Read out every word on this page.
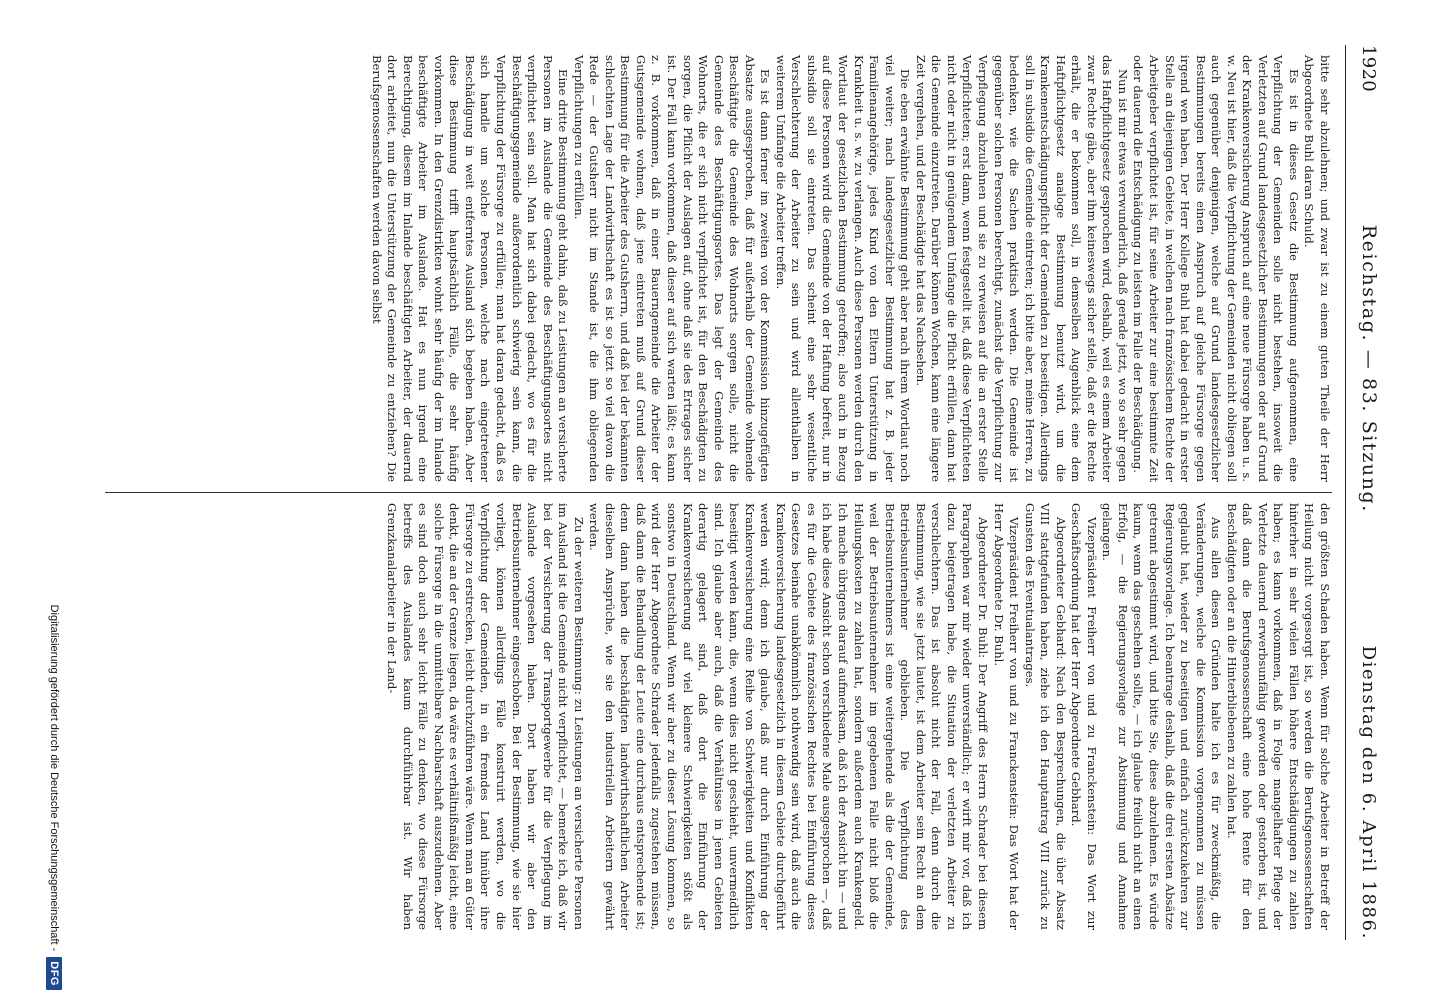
1920
Reichstag. — 83. Sitzung.
Dienstag den 6. April 1886.

bitte sehr abzulehnen; und zwar ist zu einem guten Theile der Herr Abgeordnete Buhl daran Schuld.

Es ist in dieses Gesetz die Bestimmung aufgenommen, eine Verpflichtung der Gemeinden solle nicht bestehen, insoweit die Verletzten auf Grund landesgesetzlicher Bestimmungen oder auf Grund der Krankenversicherung Anspruch auf eine neue Fürsorge haben u. s. w. Neu ist hier, daß die Verpflichtung der Gemeinden nicht obliegen soll auch gegenüber denjenigen, welche auf Grund landesgesetzlicher Bestimmungen bereits einen Anspruch auf gleiche Fürsorge gegen irgend wen haben. Der Herr Kollege Buhl hat dabei gedacht in erster Stelle an diejenigen Gebiete, in welchen nach französischem Rechte der Arbeitgeber verpflichtet ist, für seine Arbeiter zur eine bestimmte Zeit oder dauernd die Entschädigung zu leisten im Falle der Beschädigung.

Nun ist mir etwas verwunderlich, daß gerade jetzt, wo so sehr gegen das Haftpflichtgesetz gesprochen wird, deshalb, weil es einem Arbeiter zwar Rechte gäbe, aber ihm keineswegs sicher stelle, daß er die Rechte erhält, die er bekommen soll, in demselben Augenblick eine dem Haftpflichtgesetz analoge Bestimmung benutzt wird, um die Krankenentschädigungspflicht der Gemeinden zu beseitigen. Allerdings soll in subsidio die Gemeinde eintreten; ich bitte aber, meine Herren, zu bedenken, wie die Sachen praktisch werden. Die Gemeinde ist gegenüber solchen Personen berechtigt, zunächst die Verpflichtung zur Verpflegung abzulehnen und sie zu verweisen auf die an erster Stelle Verpflichteten; erst dann, wenn festgestellt ist, daß diese Verpflichteten nicht oder nicht in genügendem Umfange die Pflicht erfüllen, dann hat die Gemeinde einzutreten. Darüber können Wochen, kann eine längere Zeit vergehen, und der Beschädigte hat das Nachsehen.

Die eben erwähnte Bestimmung geht aber nach ihrem Wortlaut noch viel weiter; nach landesgesetzlicher Bestimmung hat z. B. jeder Familienangehörige, jedes Kind von den Eltern Unterstützung in Krankheit u. s. w. zu verlangen. Auch diese Personen werden durch den Wortlaut der gesetzlichen Bestimmung getroffen; also auch in Bezug auf diese Personen wird die Gemeinde von der Haftung befreit, nur in subsidio soll sie eintreten. Das scheint eine sehr wesentliche Verschlechterung der Arbeiter zu sein und wird allenthalben in weiterem Umfange die Arbeiter treffen.

Es ist dann ferner im zweiten von der Kommission hinzugefügten Absatze ausgesprochen, daß für außerhalb der Gemeinde wohnende Beschäftigte die Gemeinde des Wohnorts sorgen solle, nicht die Gemeinde des Beschäftigungsortes. Das legt der Gemeinde des Wohnorts, die er sich nicht verpflichtet ist, für den Beschädigten zu sorgen, die Pflicht der Auslagen auf, ohne daß sie des Ertrages sicher ist. Der Fall kann vorkommen, daß dieser auf sich warten läßt; es kann z. B. vorkommen, daß in einer Bauerngemeinde die Arbeiter der Gutsgemeinde wohnen, daß jene eintreten muß auf Grund dieser Bestimmung für die Arbeiter des Gutsherrn, und daß bei der bekannten schlechten Lage der Landwirthschaft es ist so jetzt so viel davon die Rede — der Gutsherr nicht im Stande ist, die ihm obliegenden Verpflichtungen zu erfüllen.

Eine dritte Bestimmung geht dahin, daß zu Leistungen an versicherte Personen im Auslande die Gemeinde des Beschäftigungsortes nicht verpflichtet sein soll. Man hat sich dabei gedacht, wo es für die Beschäftigungsgemeinde außerordentlich schwierig sein kann, die Verpflichtung der Fürsorge zu erfüllen; man hat daran gedacht, daß es sich handle um solche Personen, welche nach eingetretener Beschädigung in weit entferntes Ausland sich begeben haben. Aber diese Bestimmung trifft hauptsächlich Fälle, die sehr häufig vorkommen. In den Grenzdistrikten wohnt sehr häufig der im Inlande beschäftigte Arbeiter im Auslande. Hat es nun irgend eine Berechtigung, diesem im Inlande beschäftigten Arbeiter, der dauernd dort arbeitet, nun die Unterstützung der Gemeinde zu entziehen? Die Berufsgenossenschaften werden davon selbst

den größten Schaden haben. Wenn für solche Arbeiter in Betreff der Heilung nicht vorgesorgt ist, so werden die Berufsgenossenschaften hinterher in sehr vielen Fällen höhere Entschädigungen zu zahlen haben; es kann vorkommen, daß in Folge mangelhafter Pflege der Verletzte dauernd erwerbsunfähig geworden oder gestorben ist, und daß dann die Berufsgenossenschaft eine hohe Rente für den Beschädigten oder an die Hinterbliebenen zu zahlen hat.

Aus allen diesen Gründen halte ich es für zweckmäßig, die Veränderungen, welche die Kommission vorgenommen zu müssen geglaubt hat, wieder zu beseitigen und einfach zurückzukehren zur Regierungsvorlage. Ich beantrage deshalb, daß die drei ersten Absätze getrennt abgestimmt wird, und bitte Sie, diese abzulehnen. Es würde kaum, wenn das geschehen sollte, — ich glaube freilich nicht an einen Erfolg, — die Regierungsvorlage zur Abstimmung und Annahme gelangen.

Vizepräsident Freiherr von und zu Franckenstein: Das Wort zur Geschäftsordnung hat der Herr Abgeordnete Gebhard.

Abgeordneter Gebhard: Nach den Besprechungen, die über Absatz VIII stattgefunden haben, ziehe ich den Hauptantrag VIII zurück zu Gunsten des Eventualantrages.

Vizepräsident Freiherr von und zu Franckenstein: Das Wort hat der Herr Abgeordnete Dr. Buhl.

Abgeordneter Dr. Buhl: Der Angriff des Herrn Schrader bei diesem Paragraphen war mir wieder unverständlich; er wirft mir vor, daß ich dazu beigetragen habe, die Situation der verletzten Arbeiter zu verschlechtern. Das ist absolut nicht der Fall, denn durch die Bestimmung, wie sie jetzt lautet, ist dem Arbeiter sein Recht an dem Betriebsunternehmer geblieben. Die Verpflichtung des Betriebsunternehmers ist eine weitergehende als die der Gemeinde, weil der Betriebsunternehmer im gegebenen Falle nicht bloß die Heilungskosten zu zahlen hat, sondern außerdem auch Krankengeld. Ich mache übrigens darauf aufmerksam, daß ich der Ansicht bin — und ich habe diese Ansicht schon verschiedene Male ausgesprochen —, daß es für die Gebiete des französischen Rechtes bei Einführung dieses Gesetzes beinahe unabkömmlich nothwendig sein wird, daß auch die Krankenversicherung landesgesetzlich in diesem Gebiete durchgeführt werden wird; denn ich glaube, daß nur durch Einführung der Krankenversicherung eine Reihe von Schwierigkeiten und Konflikten beseitigt werden kann, die, wenn dies nicht geschieht, unvermeidlich sind. Ich glaube aber auch, daß die Verhältnisse in jenen Gebieten derartig gelagert sind, daß dort die Einführung der Krankenversicherung auf viel kleinere Schwierigkeiten stößt als sonstwo in Deutschland. Wenn wir aber zu dieser Lösung kommen, so wird der Herr Abgeordnete Schrader jedenfalls zugestehen müssen, daß dann die Behandlung der Leute eine durchaus entsprechende ist; denn dann haben die beschädigten landwirthschaftlichen Arbeiter dieselben Ansprüche, wie sie den industriellen Arbeitern gewährt werden.

Zu der weiteren Bestimmung: zu Leistungen an versicherte Personen im Ausland ist die Gemeinde nicht verpflichtet, — bemerke ich, daß wir bei der Versicherung der Transportgewerbe für die Verpflegung im Auslande vorgesehen haben. Dort haben wir aber den Betriebsunternehmer eingeschoben. Bei der Bestimmung, wie sie hier vorliegt, können allerdings Fälle konstruirt werden, wo die Verpflichtung der Gemeinden, in ein fremdes Land hinüber ihre Fürsorge zu erstrecken, leicht durchzuführen wäre. Wenn man an Güter denkt, die an der Grenze liegen, da wäre es verhältnißmäßig leicht, eine solche Fürsorge in die unmittelbare Nachbarschaft auszudehnen. Aber es sind doch auch sehr leicht Fälle zu denken, wo diese Fürsorge betreffs des Auslandes kaum durchführbar ist. Wir haben Grenzkanalarbeiter in der Land-

Digitalisierung gefördert durch die Deutsche Forschungsgemeinschaft -
DFG
